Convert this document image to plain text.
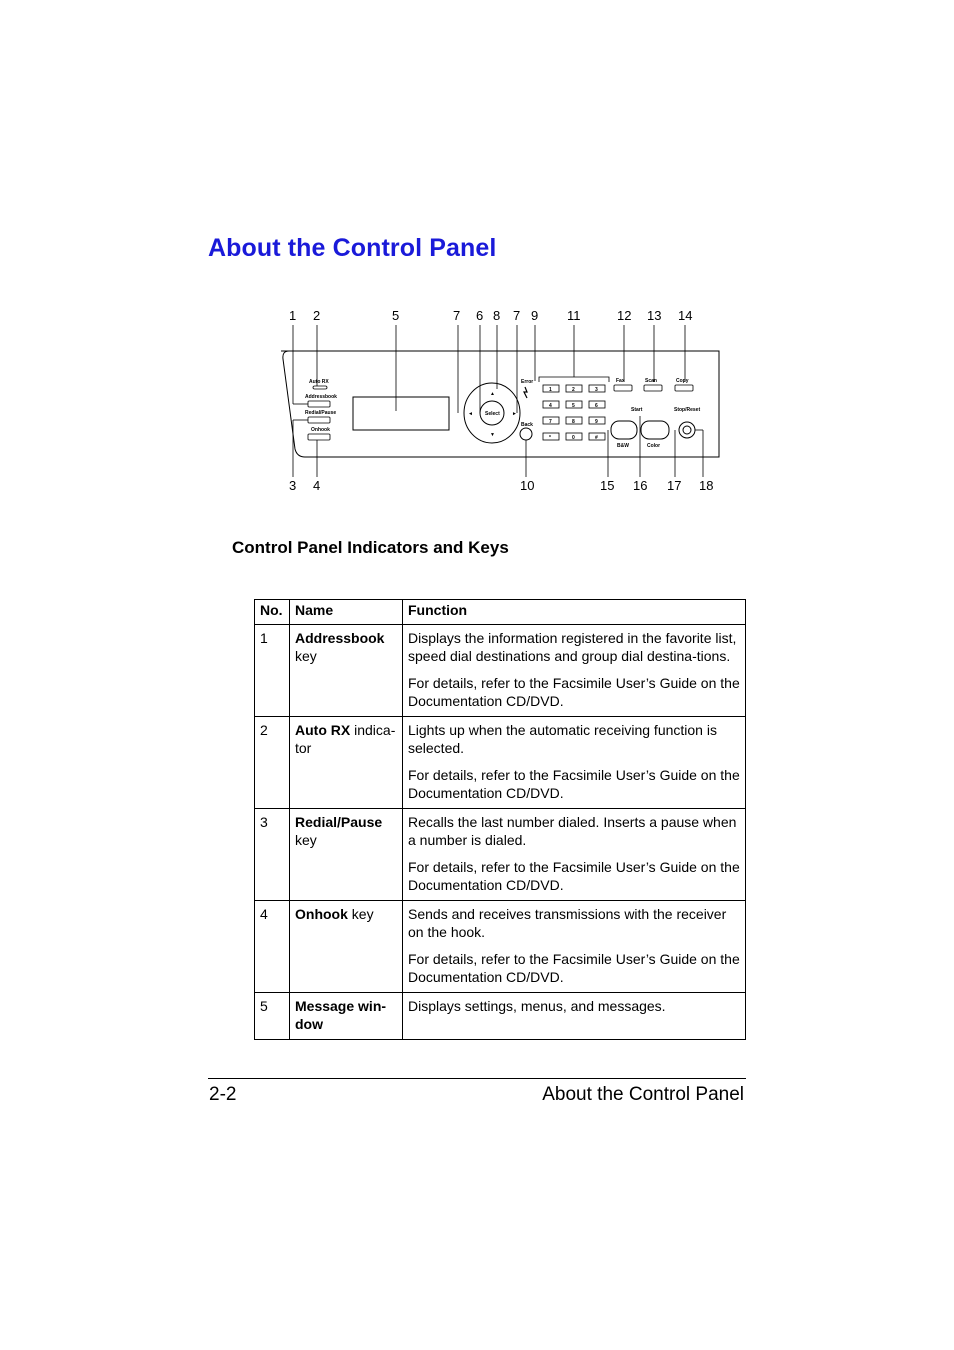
About the Control Panel
1 2	5	7 6 8 7 9 11	12 13 14
3 4	10	15 16 17 18
Auto RX
Addressbook
Redial/Pause
Onhook
Select
▲
▼
◄	►
Error
Back
1	2	3
4	5	6
7	8	9
*	0	#
Fax	Scan	Copy
Start
B&W	Color
Stop/Reset
Control Panel Indicators and Keys
No.	Name	Function
1	Addressbook key	Displays the information registered in the favorite list, speed dial destinations and group dial destina-tions.

For details, refer to the Facsimile User’s Guide on the Documentation CD/DVD.

2	Auto RX indica-tor	Lights up when the automatic receiving function is selected.

For details, refer to the Facsimile User’s Guide on the Documentation CD/DVD.

3	Redial/Pause key	Recalls the last number dialed. Inserts a pause when a number is dialed.

For details, refer to the Facsimile User’s Guide on the Documentation CD/DVD.

4	Onhook key	Sends and receives transmissions with the receiver on the hook.

For details, refer to the Facsimile User’s Guide on the Documentation CD/DVD.

5	Message win-dow	Displays settings, menus, and messages.

2-2	About the Control Panel
